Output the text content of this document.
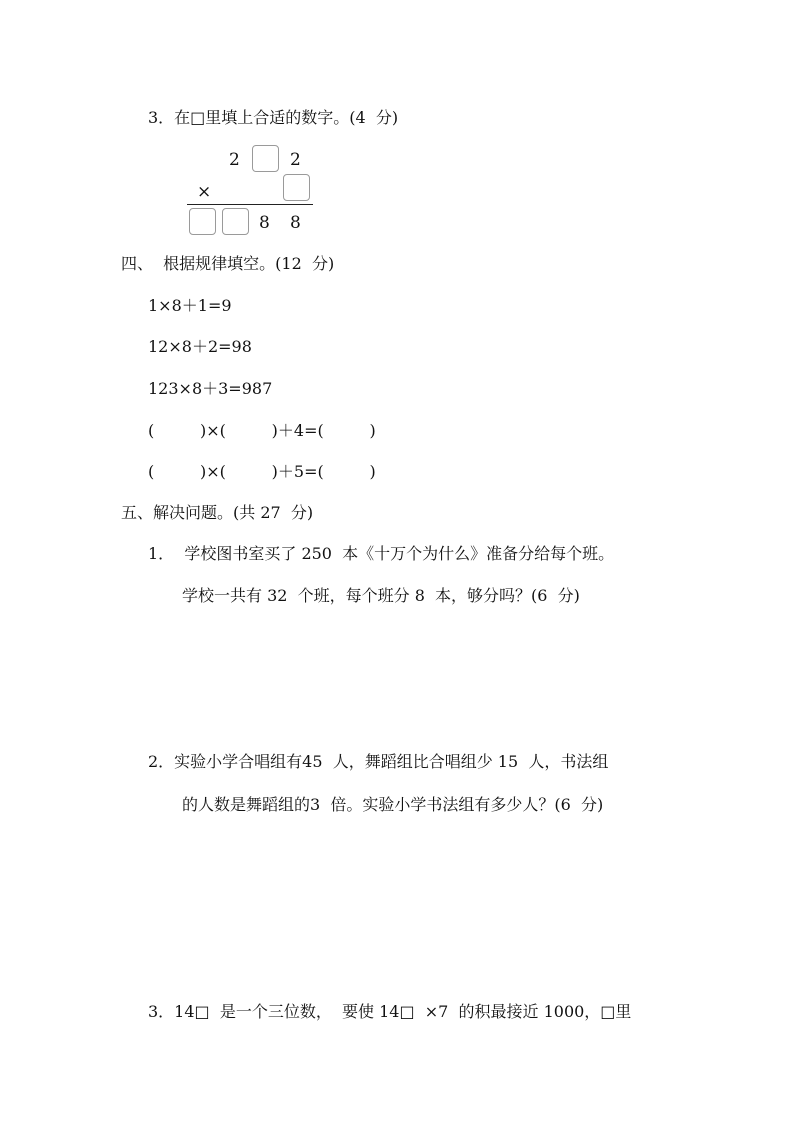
3．在□里填上合适的数字。(4  分)
2	2
×
8 8
四、  根据规律填空。(12  分)
1×8＋1=9
12×8＋2=98
123×8＋3=987
(         )×(         )＋4=(         )
(         )×(         )＋5=(         )
五、解决问题。(共 27  分)
1．  学校图书室买了 250  本《十万个为什么》准备分给每个班。
学校一共有 32  个班，每个班分 8  本，够分吗？(6  分)
2．实验小学合唱组有45  人，舞蹈组比合唱组少 15  人，书法组
的人数是舞蹈组的3  倍。实验小学书法组有多少人？(6  分)
3．14□  是一个三位数，  要使 14□  ×7  的积最接近 1000，□里
